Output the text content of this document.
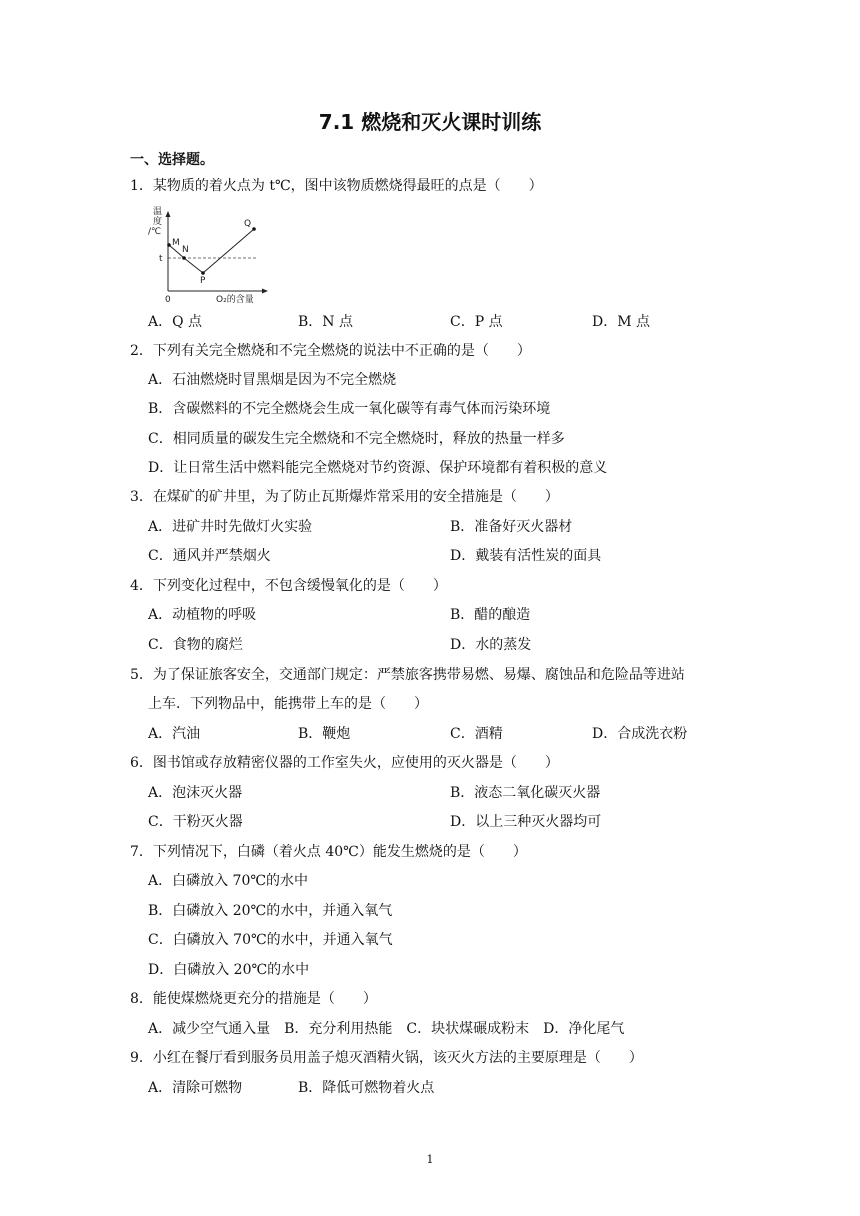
7.1 燃烧和灭火课时训练
一、选择题。
1．某物质的着火点为 t℃，图中该物质燃烧得最旺的点是（　　）
温
度
/℃
t
M
N
P
Q
0	O₂的含量
A．Q 点	B．N 点	C．P 点	D．M 点
2．下列有关完全燃烧和不完全燃烧的说法中不正确的是（　　）
A．石油燃烧时冒黑烟是因为不完全燃烧
B．含碳燃料的不完全燃烧会生成一氧化碳等有毒气体而污染环境
C．相同质量的碳发生完全燃烧和不完全燃烧时，释放的热量一样多
D．让日常生活中燃料能完全燃烧对节约资源、保护环境都有着积极的意义
3．在煤矿的矿井里，为了防止瓦斯爆炸常采用的安全措施是（　　）
A．进矿井时先做灯火实验	B．准备好灭火器材
C．通风并严禁烟火	D．戴装有活性炭的面具
4．下列变化过程中，不包含缓慢氧化的是（　　）
A．动植物的呼吸	B．醋的酿造
C．食物的腐烂	D．水的蒸发
5．为了保证旅客安全，交通部门规定：严禁旅客携带易燃、易爆、腐蚀品和危险品等进站
上车．下列物品中，能携带上车的是（　　）
A．汽油	B．鞭炮	C．酒精	D．合成洗衣粉
6．图书馆或存放精密仪器的工作室失火，应使用的灭火器是（　　）
A．泡沫灭火器	B．液态二氧化碳灭火器
C．干粉灭火器	D．以上三种灭火器均可
7．下列情况下，白磷（着火点 40℃）能发生燃烧的是（　　）
A．白磷放入 70℃的水中
B．白磷放入 20℃的水中，并通入氧气
C．白磷放入 70℃的水中，并通入氧气
D．白磷放入 20℃的水中
8．能使煤燃烧更充分的措施是（　　）
A．减少空气通入量　B．充分利用热能　C．块状煤碾成粉末　D．净化尾气
9．小红在餐厅看到服务员用盖子熄灭酒精火锅，该灭火方法的主要原理是（　　）
A．清除可燃物	B．降低可燃物着火点
1
